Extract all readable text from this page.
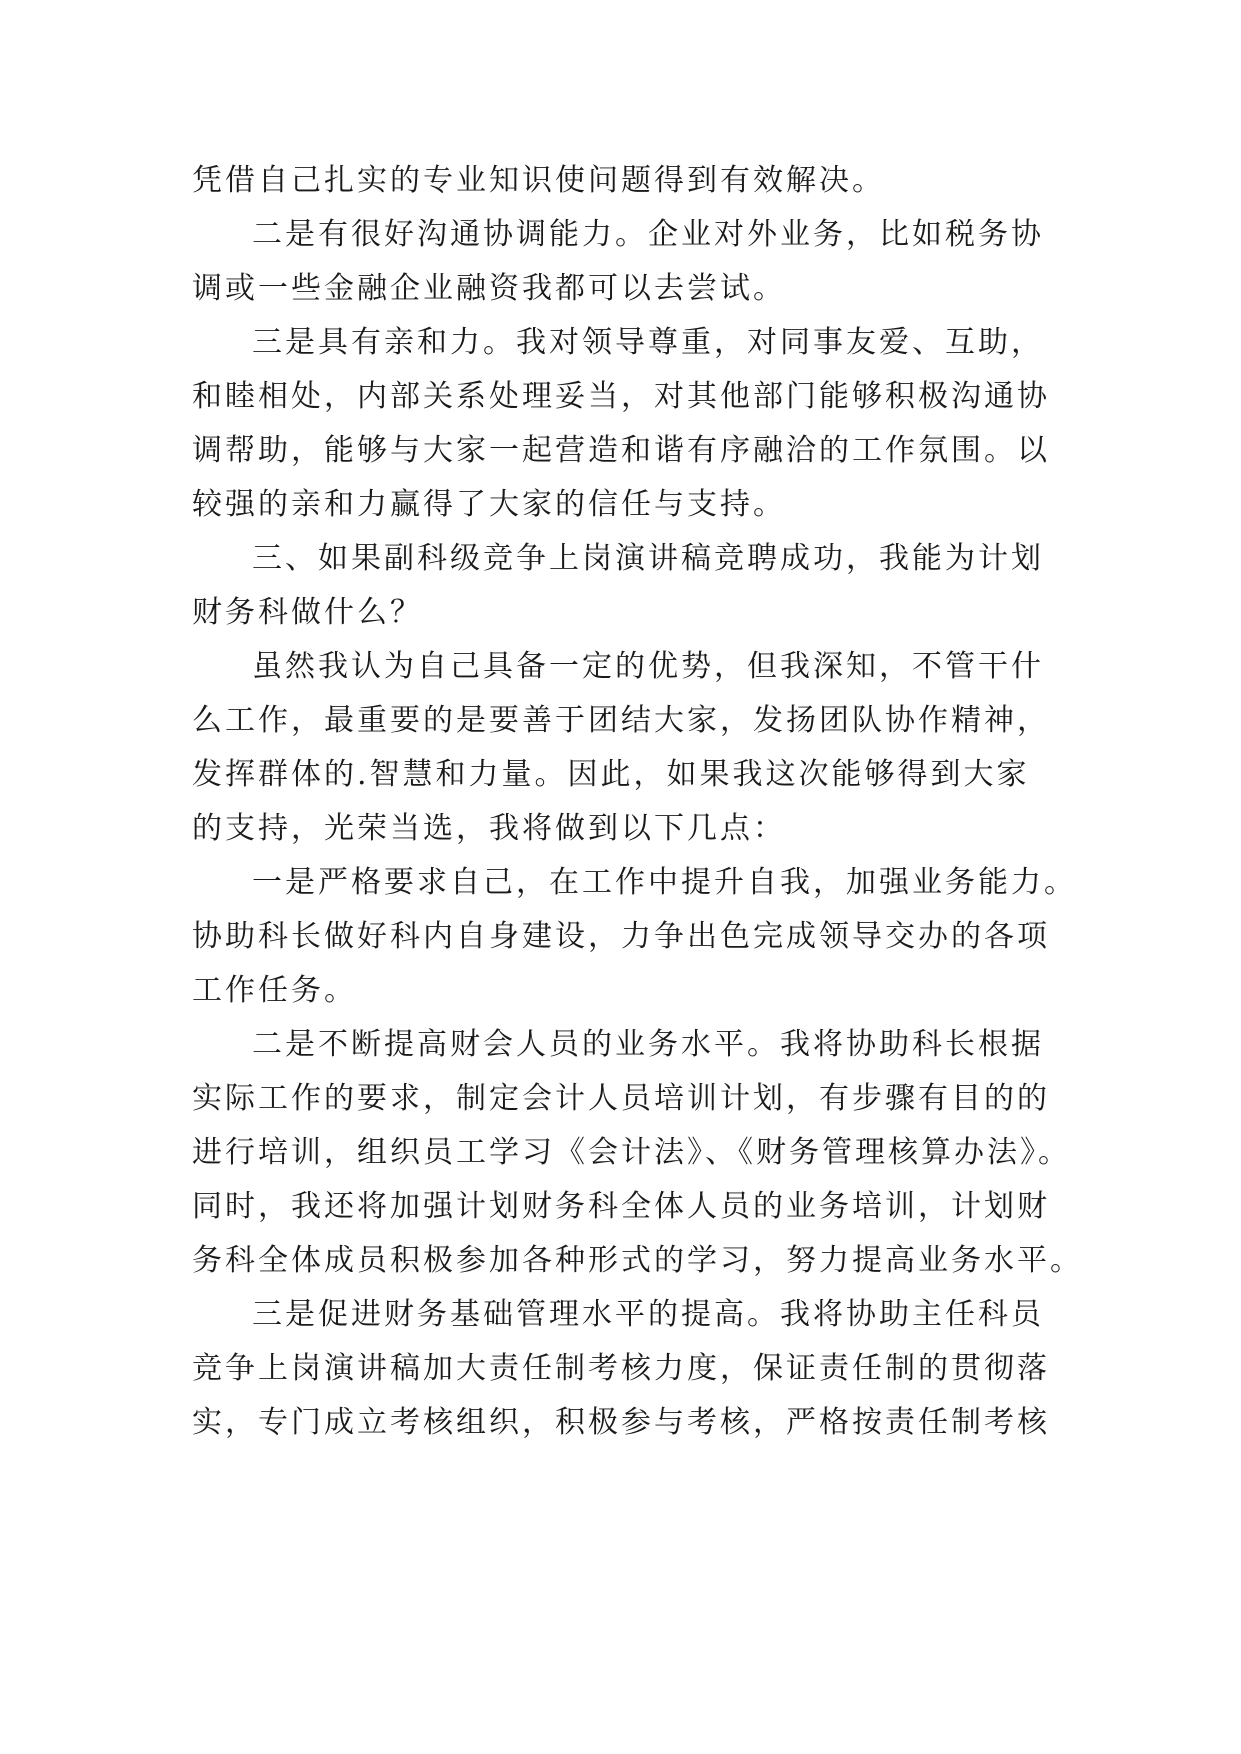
凭借自己扎实的专业知识使问题得到有效解决。
二是有很好沟通协调能力。企业对外业务，比如税务协
调或一些金融企业融资我都可以去尝试。
三是具有亲和力。我对领导尊重，对同事友爱、互助，
和睦相处，内部关系处理妥当，对其他部门能够积极沟通协
调帮助，能够与大家一起营造和谐有序融洽的工作氛围。以
较强的亲和力赢得了大家的信任与支持。
三、如果副科级竞争上岗演讲稿竞聘成功，我能为计划
财务科做什么？
虽然我认为自己具备一定的优势，但我深知，不管干什
么工作，最重要的是要善于团结大家，发扬团队协作精神，
发挥群体的.智慧和力量。因此，如果我这次能够得到大家
的支持，光荣当选，我将做到以下几点：
一是严格要求自己，在工作中提升自我，加强业务能力。
协助科长做好科内自身建设，力争出色完成领导交办的各项
工作任务。
二是不断提高财会人员的业务水平。我将协助科长根据
实际工作的要求，制定会计人员培训计划，有步骤有目的的
进行培训，组织员工学习《会计法》、《财务管理核算办法》。
同时，我还将加强计划财务科全体人员的业务培训，计划财
务科全体成员积极参加各种形式的学习，努力提高业务水平。
三是促进财务基础管理水平的提高。我将协助主任科员
竞争上岗演讲稿加大责任制考核力度，保证责任制的贯彻落
实，专门成立考核组织，积极参与考核，严格按责任制考核
